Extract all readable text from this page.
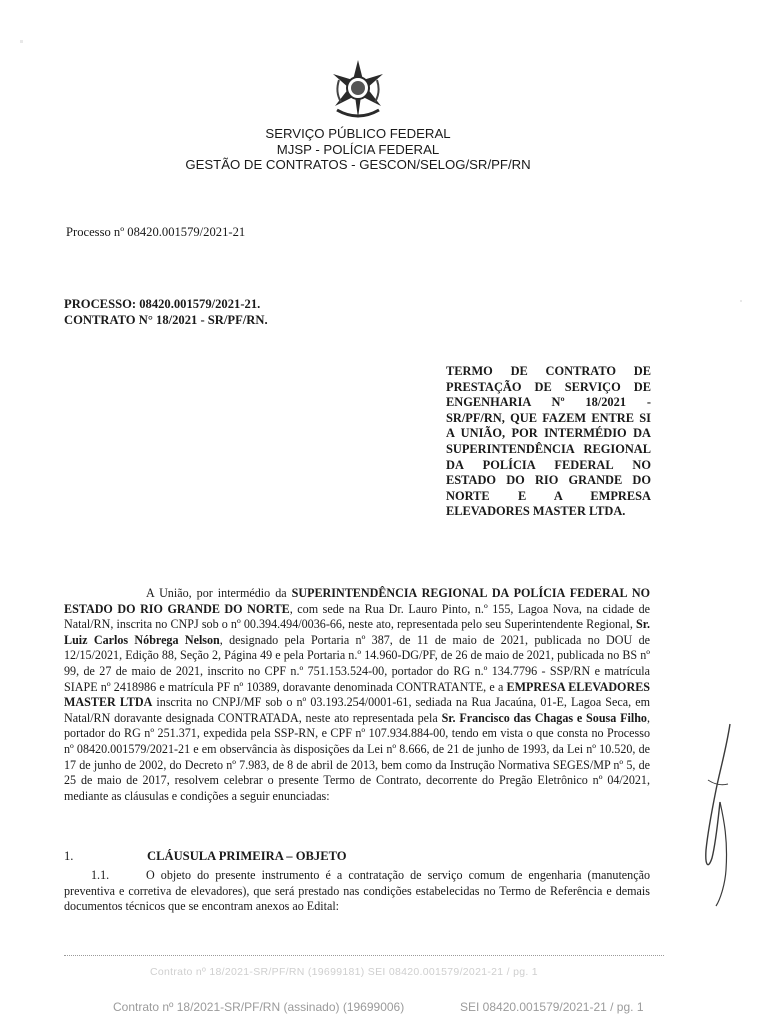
SERVIÇO PÚBLICO FEDERAL
MJSP - POLÍCIA FEDERAL
GESTÃO DE CONTRATOS - GESCON/SELOG/SR/PF/RN
Processo nº 08420.001579/2021-21
PROCESSO: 08420.001579/2021-21.
CONTRATO N° 18/2021 - SR/PF/RN.
TERMO DE CONTRATO DE PRESTAÇÃO DE SERVIÇO DE ENGENHARIA Nº 18/2021 - SR/PF/RN, QUE FAZEM ENTRE SI A UNIÃO, POR INTERMÉDIO DA SUPERINTENDÊNCIA REGIONAL DA POLÍCIA FEDERAL NO ESTADO DO RIO GRANDE DO NORTE E A EMPRESA ELEVADORES MASTER LTDA.
A União, por intermédio da SUPERINTENDÊNCIA REGIONAL DA POLÍCIA FEDERAL NO ESTADO DO RIO GRANDE DO NORTE, com sede na Rua Dr. Lauro Pinto, n.º 155, Lagoa Nova, na cidade de Natal/RN, inscrita no CNPJ sob o nº 00.394.494/0036-66, neste ato, representada pelo seu Superintendente Regional, Sr. Luiz Carlos Nóbrega Nelson, designado pela Portaria nº 387, de 11 de maio de 2021, publicada no DOU de 12/15/2021, Edição 88, Seção 2, Página 49 e pela Portaria n.º 14.960-DG/PF, de 26 de maio de 2021, publicada no BS nº 99, de 27 de maio de 2021, inscrito no CPF n.º 751.153.524-00, portador do RG n.º 134.7796 - SSP/RN e matrícula SIAPE nº 2418986 e matrícula PF nº 10389, doravante denominada CONTRATANTE, e a EMPRESA ELEVADORES MASTER LTDA inscrita no CNPJ/MF sob o nº 03.193.254/0001-61, sediada na Rua Jacaúna, 01-E, Lagoa Seca, em Natal/RN doravante designada CONTRATADA, neste ato representada pela Sr. Francisco das Chagas e Sousa Filho, portador do RG nº 251.371, expedida pela SSP-RN, e CPF nº 107.934.884-00, tendo em vista o que consta no Processo nº 08420.001579/2021-21 e em observância às disposições da Lei nº 8.666, de 21 de junho de 1993, da Lei nº 10.520, de 17 de junho de 2002, do Decreto nº 7.983, de 8 de abril de 2013, bem como da Instrução Normativa SEGES/MP nº 5, de 25 de maio de 2017, resolvem celebrar o presente Termo de Contrato, decorrente do Pregão Eletrônico nº 04/2021, mediante as cláusulas e condições a seguir enunciadas:
1.	CLÁUSULA PRIMEIRA – OBJETO
1.1.	O objeto do presente instrumento é a contratação de serviço comum de engenharia (manutenção preventiva e corretiva de elevadores), que será prestado nas condições estabelecidas no Termo de Referência e demais documentos técnicos que se encontram anexos ao Edital:
Contrato nº 18/2021-SR/PF/RN (19699181) SEI 08420.001579/2021-21 / pg. 1
Contrato nº 18/2021-SR/PF/RN (assinado) (19699006)	SEI 08420.001579/2021-21 / pg. 1
